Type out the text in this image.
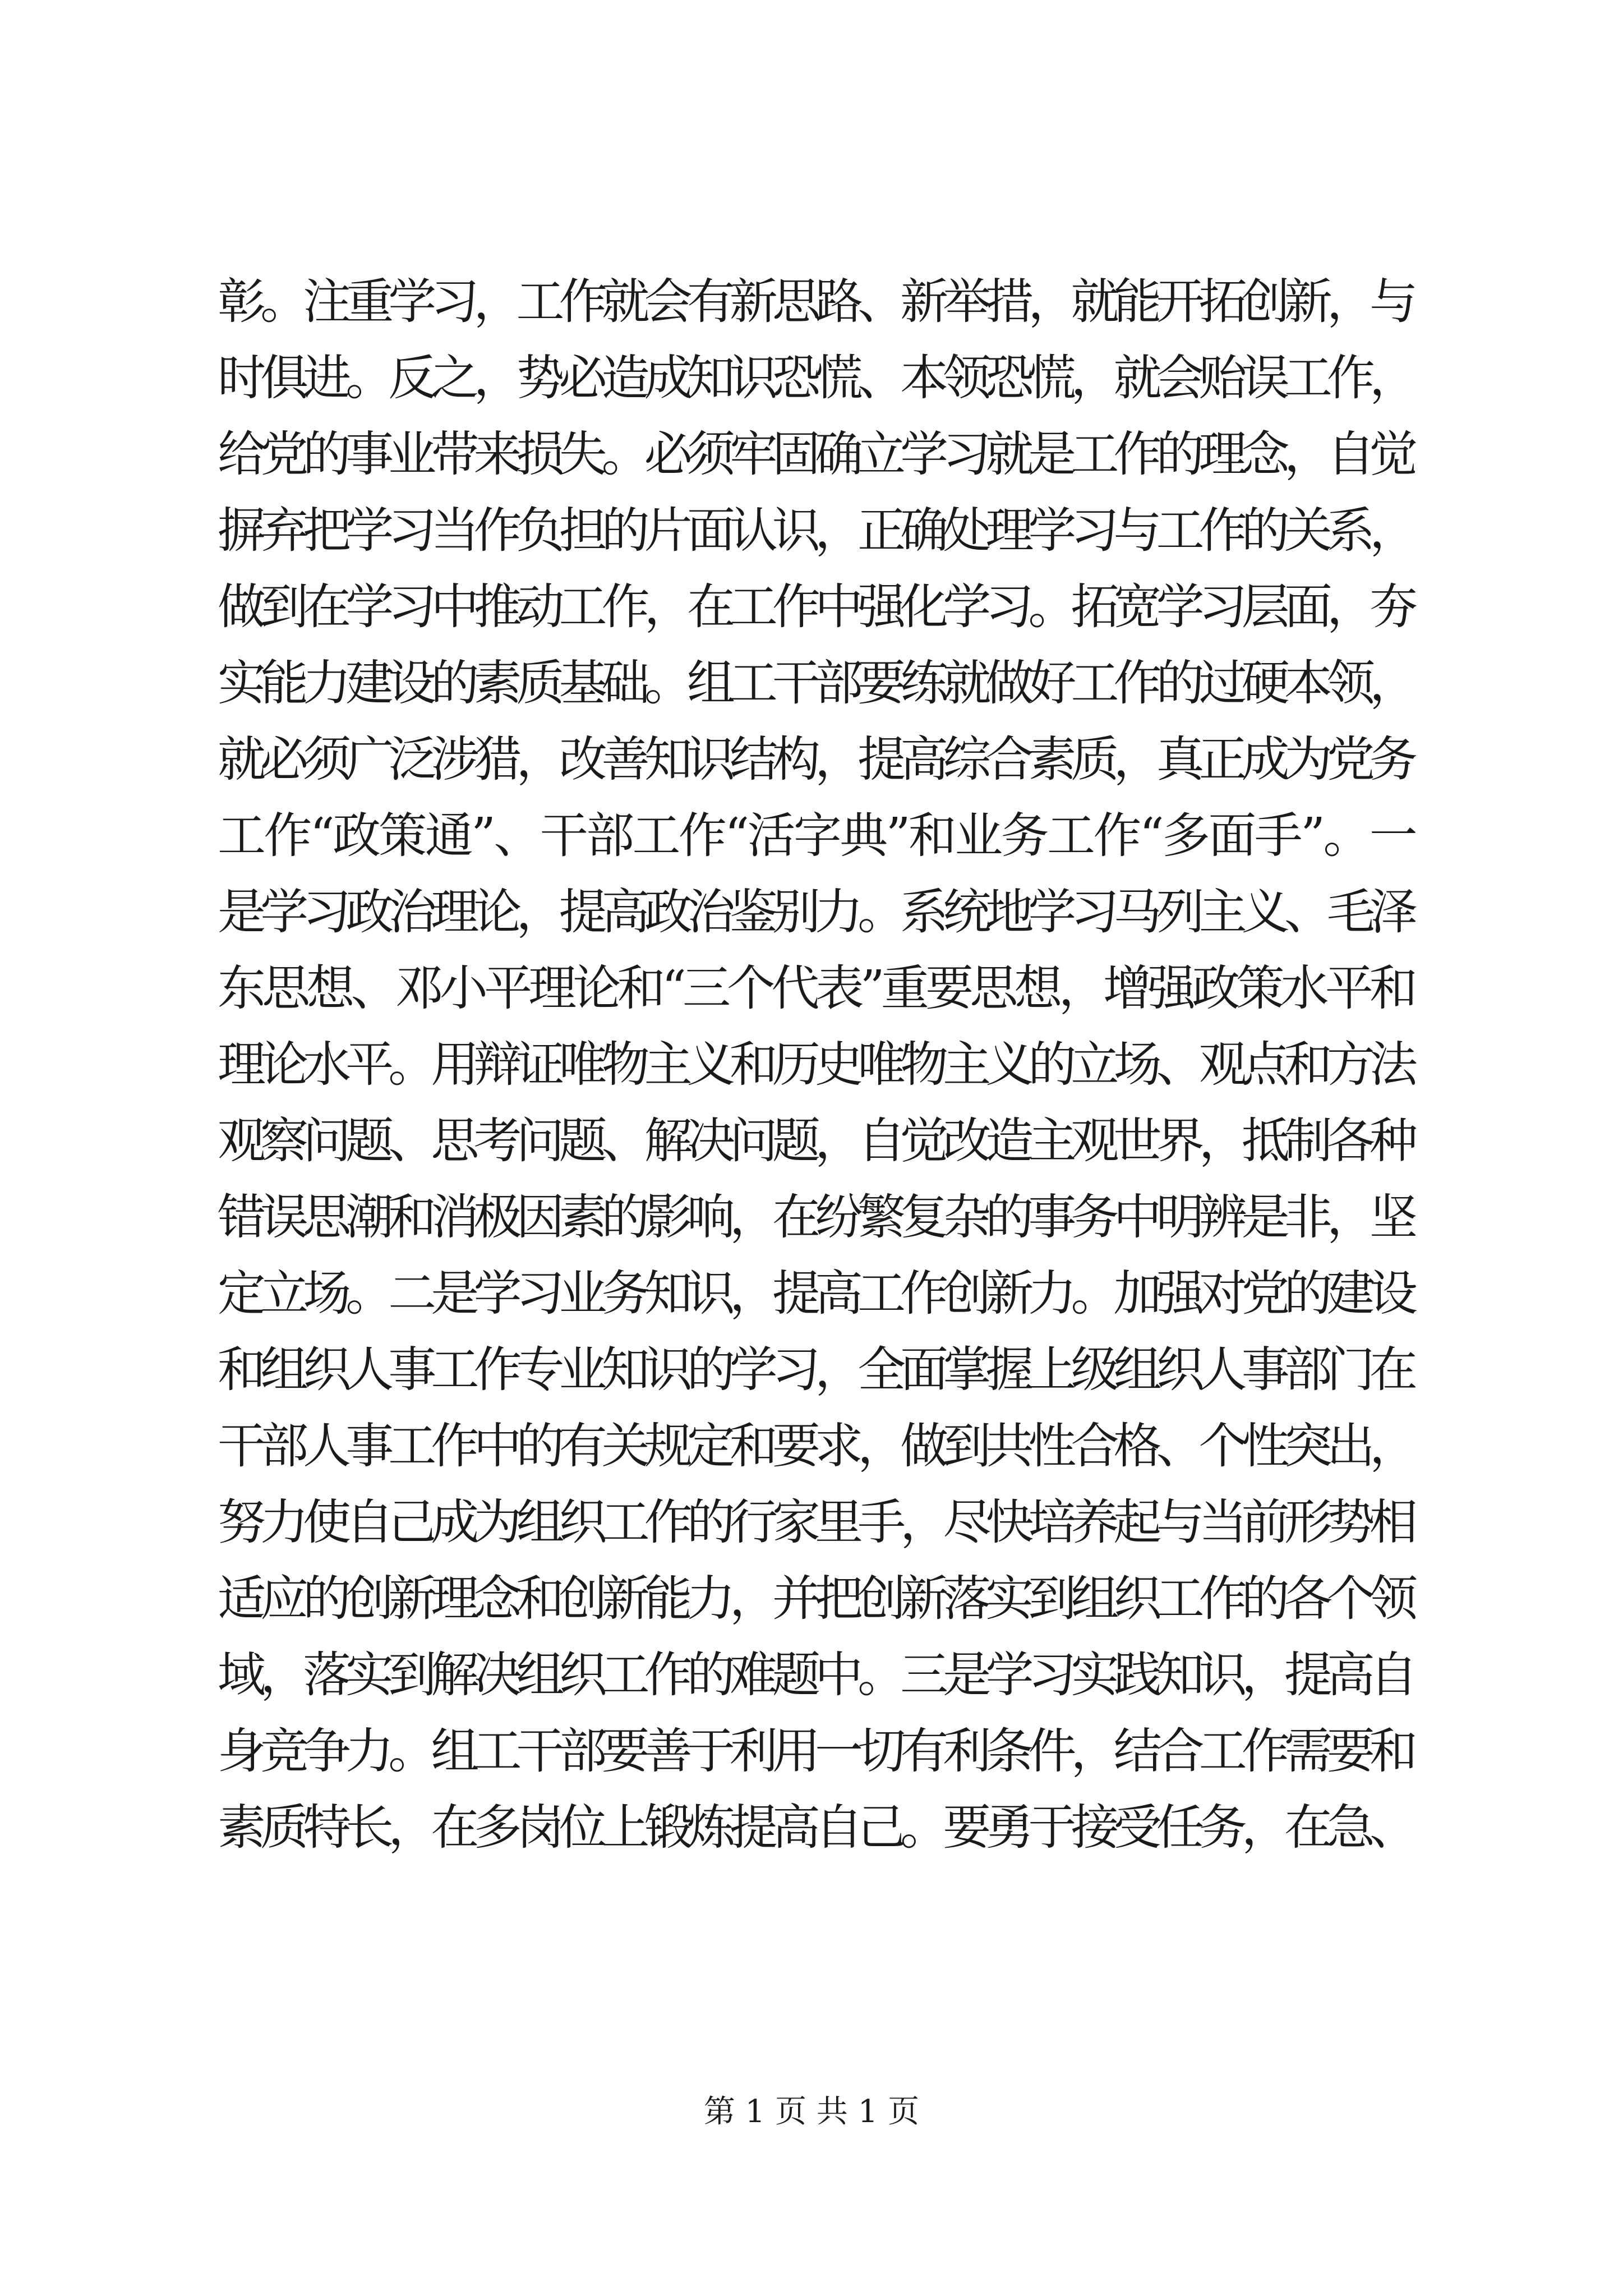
彰。注重学习，工作就会有新思路、新举措，就能开拓创新，与
时俱进。反之，势必造成知识恐慌、本领恐慌，就会贻误工作，
给党的事业带来损失。必须牢固确立学习就是工作的理念，自觉
摒弃把学习当作负担的片面认识，正确处理学习与工作的关系，
做到在学习中推动工作，在工作中强化学习。拓宽学习层面，夯
实能力建设的素质基础。组工干部要练就做好工作的过硬本领，
就必须广泛涉猎，改善知识结构，提高综合素质，真正成为党务
工作“政策通”、干部工作“活字典”和业务工作“多面手”。一
是学习政治理论，提高政治鉴别力。系统地学习马列主义、毛泽
东思想、邓小平理论和“三个代表”重要思想，增强政策水平和
理论水平。用辩证唯物主义和历史唯物主义的立场、观点和方法
观察问题、思考问题、解决问题，自觉改造主观世界，抵制各种
错误思潮和消极因素的影响，在纷繁复杂的事务中明辨是非，坚
定立场。二是学习业务知识，提高工作创新力。加强对党的建设
和组织人事工作专业知识的学习，全面掌握上级组织人事部门在
干部人事工作中的有关规定和要求，做到共性合格、个性突出，
努力使自己成为组织工作的行家里手，尽快培养起与当前形势相
适应的创新理念和创新能力，并把创新落实到组织工作的各个领
域，落实到解决组织工作的难题中。三是学习实践知识，提高自
身竞争力。组工干部要善于利用一切有利条件，结合工作需要和
素质特长，在多岗位上锻炼提高自己。要勇于接受任务，在急、
第 1 页 共 1 页
